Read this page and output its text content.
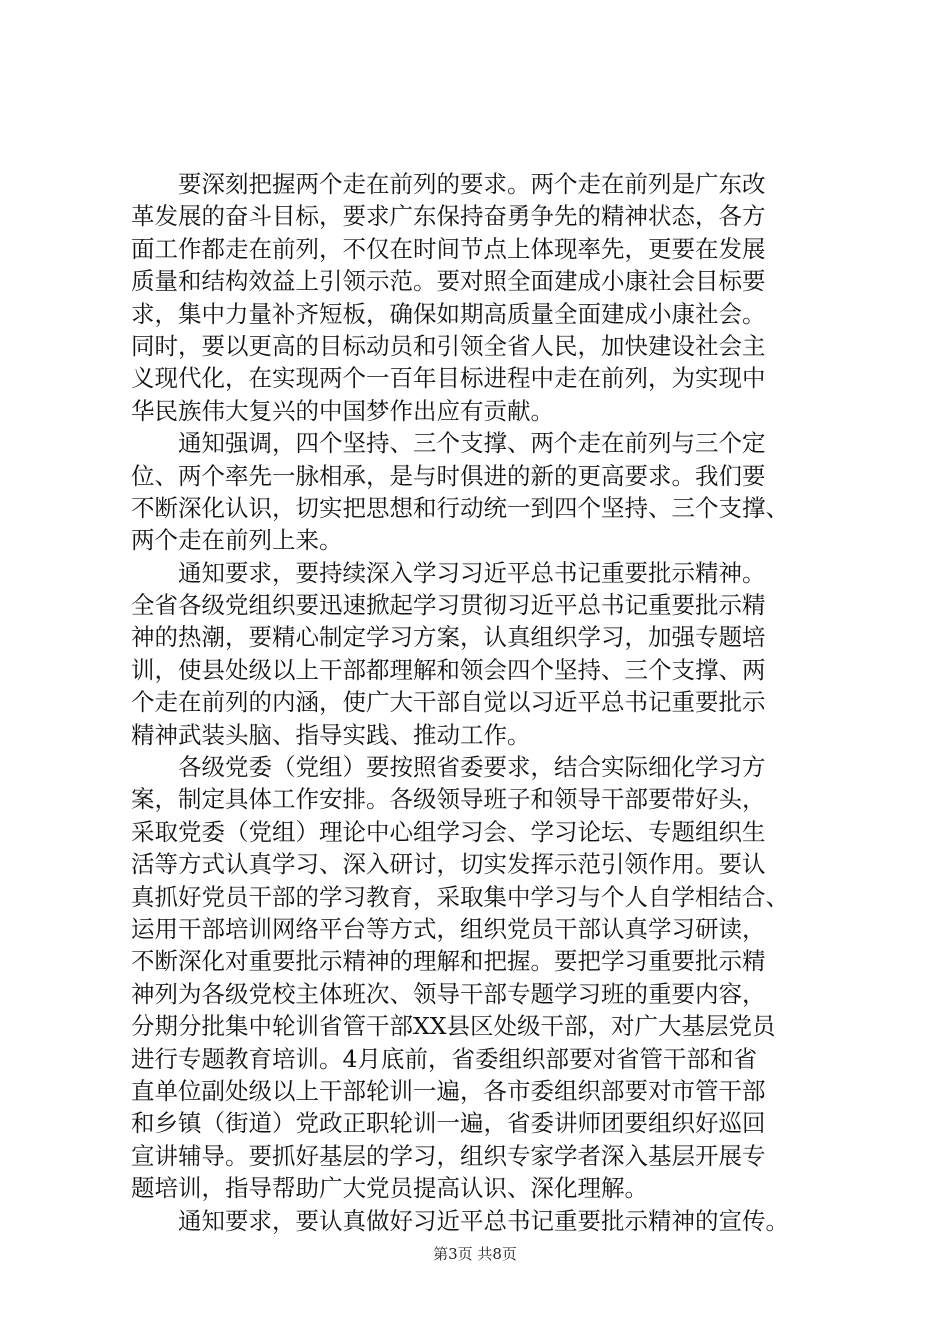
要深刻把握两个走在前列的要求。两个走在前列是广东改
革发展的奋斗目标，要求广东保持奋勇争先的精神状态，各方
面工作都走在前列，不仅在时间节点上体现率先，更要在发展
质量和结构效益上引领示范。要对照全面建成小康社会目标要
求，集中力量补齐短板，确保如期高质量全面建成小康社会。
同时，要以更高的目标动员和引领全省人民，加快建设社会主
义现代化，在实现两个一百年目标进程中走在前列，为实现中
华民族伟大复兴的中国梦作出应有贡献。
通知强调，四个坚持、三个支撑、两个走在前列与三个定
位、两个率先一脉相承，是与时俱进的新的更高要求。我们要
不断深化认识，切实把思想和行动统一到四个坚持、三个支撑、
两个走在前列上来。
通知要求，要持续深入学习习近平总书记重要批示精神。
全省各级党组织要迅速掀起学习贯彻习近平总书记重要批示精
神的热潮，要精心制定学习方案，认真组织学习，加强专题培
训，使县处级以上干部都理解和领会四个坚持、三个支撑、两
个走在前列的内涵，使广大干部自觉以习近平总书记重要批示
精神武装头脑、指导实践、推动工作。
各级党委（党组）要按照省委要求，结合实际细化学习方
案，制定具体工作安排。各级领导班子和领导干部要带好头，
采取党委（党组）理论中心组学习会、学习论坛、专题组织生
活等方式认真学习、深入研讨，切实发挥示范引领作用。要认
真抓好党员干部的学习教育，采取集中学习与个人自学相结合、
运用干部培训网络平台等方式，组织党员干部认真学习研读，
不断深化对重要批示精神的理解和把握。要把学习重要批示精
神列为各级党校主体班次、领导干部专题学习班的重要内容，
分期分批集中轮训省管干部XX县区处级干部，对广大基层党员
进行专题教育培训。4月底前，省委组织部要对省管干部和省
直单位副处级以上干部轮训一遍，各市委组织部要对市管干部
和乡镇（街道）党政正职轮训一遍，省委讲师团要组织好巡回
宣讲辅导。要抓好基层的学习，组织专家学者深入基层开展专
题培训，指导帮助广大党员提高认识、深化理解。
通知要求，要认真做好习近平总书记重要批示精神的宣传。
第3页 共8页
